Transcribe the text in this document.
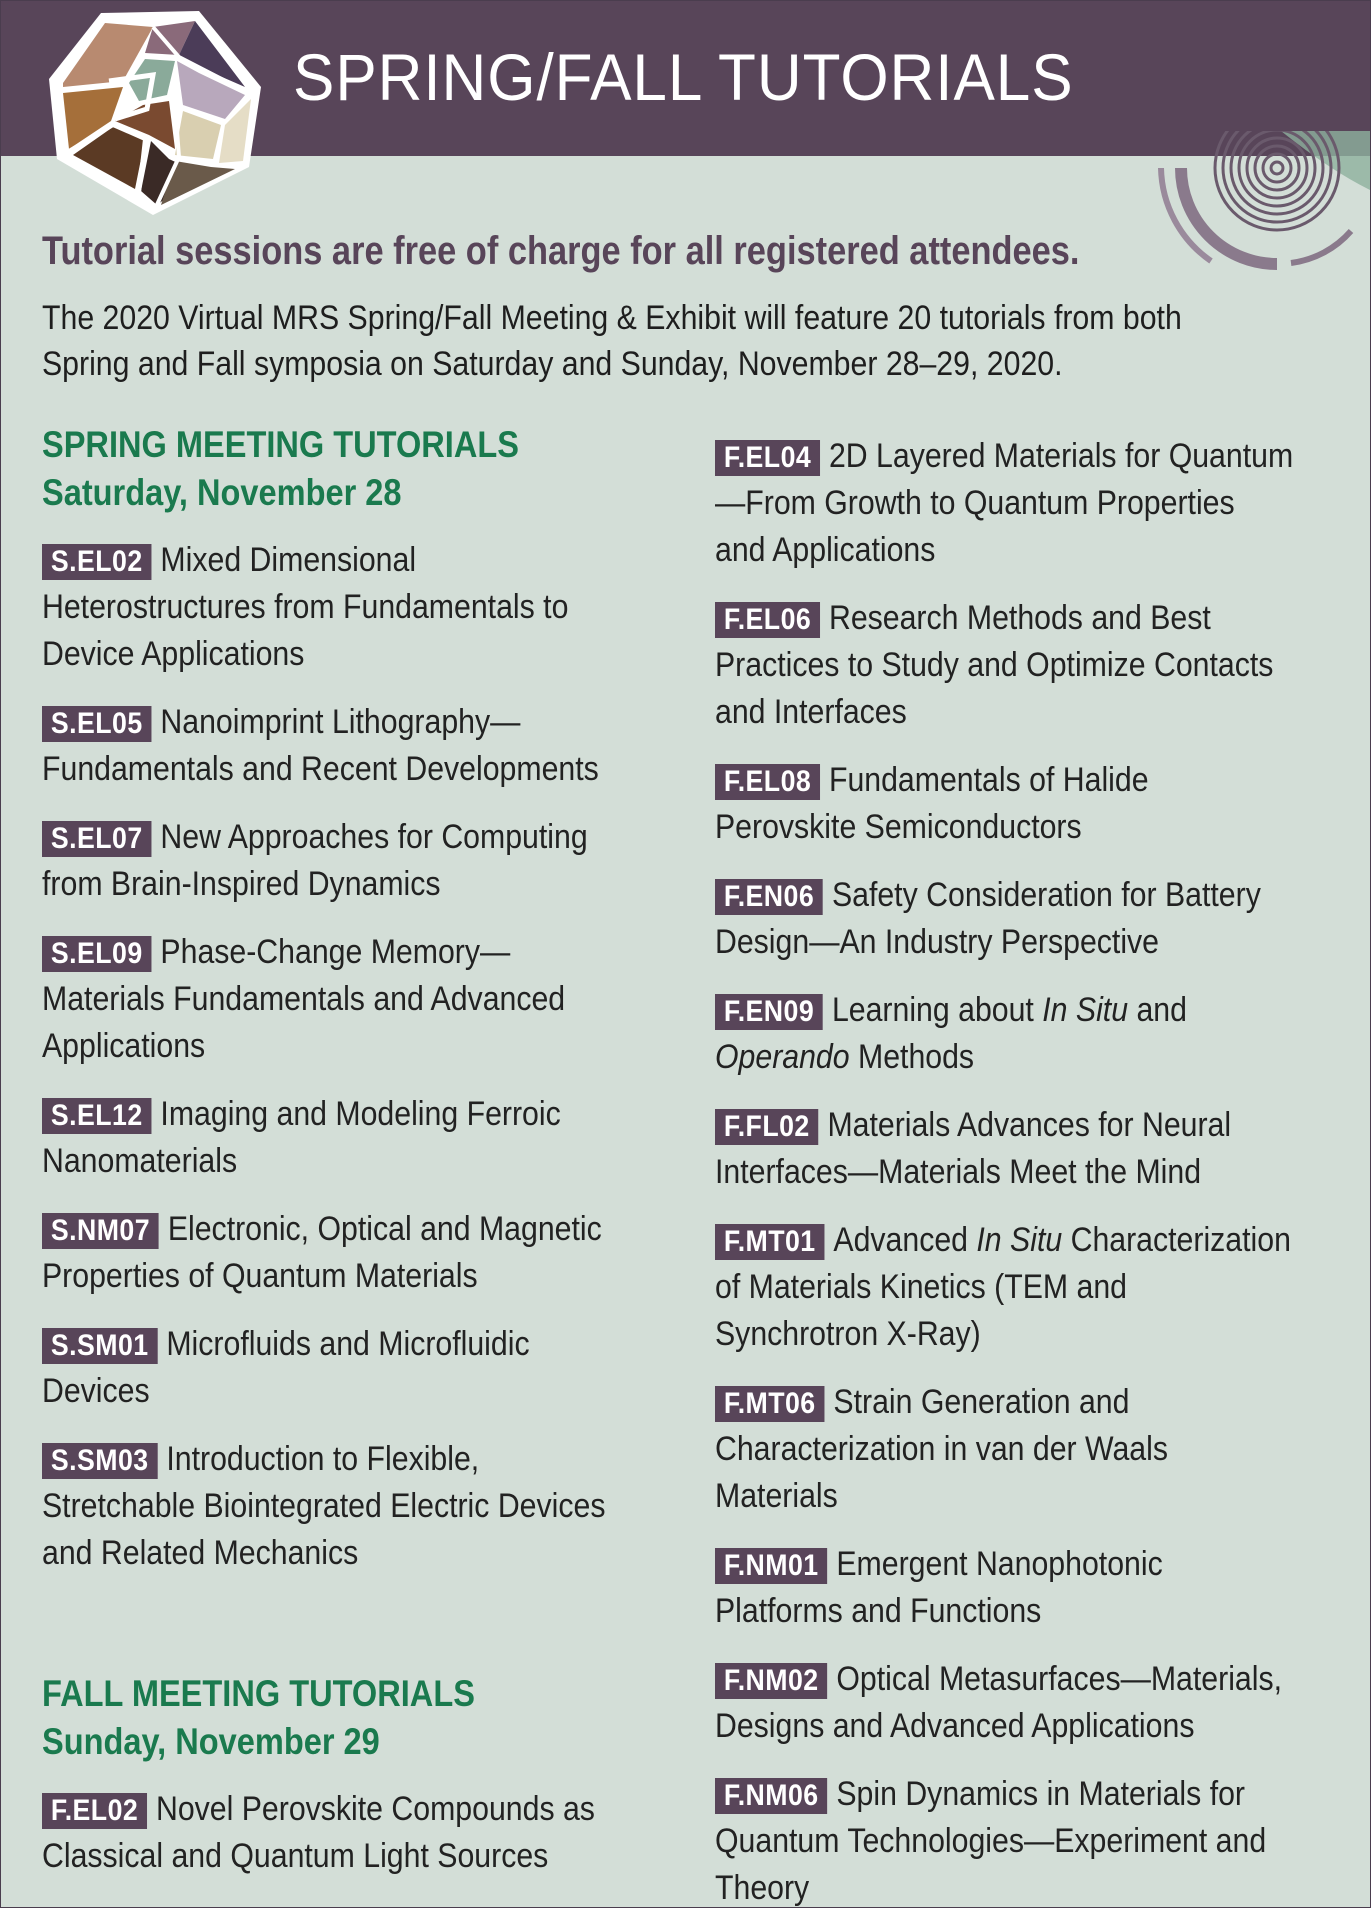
SPRING/FALL TUTORIALS
Tutorial sessions are free of charge for all registered attendees.
The 2020 Virtual MRS Spring/Fall Meeting & Exhibit will feature 20 tutorials from both Spring and Fall symposia on Saturday and Sunday, November 28–29, 2020.
SPRING MEETING TUTORIALS
Saturday, November 28
S.EL02 Mixed Dimensional Heterostructures from Fundamentals to Device Applications
S.EL05 Nanoimprint Lithography—Fundamentals and Recent Developments
S.EL07 New Approaches for Computing from Brain-Inspired Dynamics
S.EL09 Phase-Change Memory—Materials Fundamentals and Advanced Applications
S.EL12 Imaging and Modeling Ferroic Nanomaterials
S.NM07 Electronic, Optical and Magnetic Properties of Quantum Materials
S.SM01 Microfluids and Microfluidic Devices
S.SM03 Introduction to Flexible, Stretchable Biointegrated Electric Devices and Related Mechanics
FALL MEETING TUTORIALS
Sunday, November 29
F.EL02 Novel Perovskite Compounds as Classical and Quantum Light Sources
F.EL04 2D Layered Materials for Quantum—From Growth to Quantum Properties and Applications
F.EL06 Research Methods and Best Practices to Study and Optimize Contacts and Interfaces
F.EL08 Fundamentals of Halide Perovskite Semiconductors
F.EN06 Safety Consideration for Battery Design—An Industry Perspective
F.EN09 Learning about In Situ and Operando Methods
F.FL02 Materials Advances for Neural Interfaces—Materials Meet the Mind
F.MT01 Advanced In Situ Characterization of Materials Kinetics (TEM and Synchrotron X-Ray)
F.MT06 Strain Generation and Characterization in van der Waals Materials
F.NM01 Emergent Nanophotonic Platforms and Functions
F.NM02 Optical Metasurfaces—Materials, Designs and Advanced Applications
F.NM06 Spin Dynamics in Materials for Quantum Technologies—Experiment and Theory
